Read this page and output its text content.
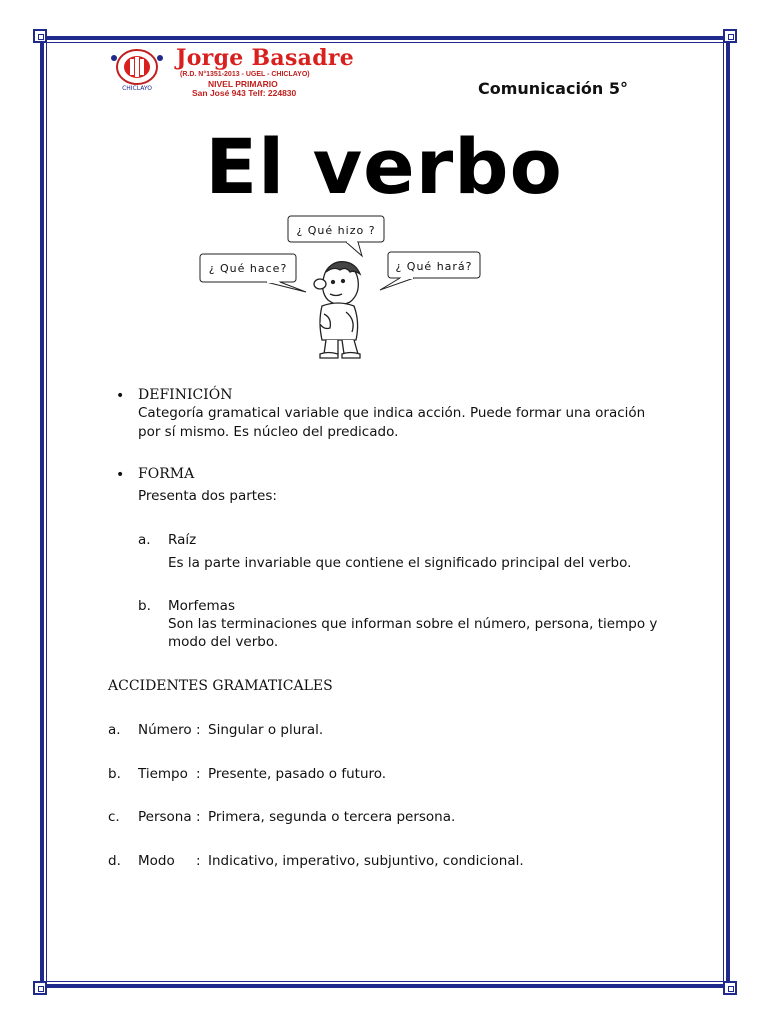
CHICLAYO
Jorge Basadre
(R.D. N°1351-2013 - UGEL - CHICLAYO)
NIVEL PRIMARIO
San José 943 Telf: 224830	Comunicación 5°
El verbo
¿ Qué hizo ?
¿ Qué hace?	¿ Qué hará?
• DEFINICIÓN
Categoría gramatical variable que indica acción. Puede formar una oración
por sí mismo. Es núcleo del predicado.
• FORMA
Presenta dos partes:
a. Raíz
Es la parte invariable que contiene el significado principal del verbo.
b. Morfemas
Son las terminaciones que informan sobre el número, persona, tiempo y
modo del verbo.
ACCIDENTES GRAMATICALES
a. Número : Singular o plural.
b. Tiempo : Presente, pasado o futuro.
c. Persona : Primera, segunda o tercera persona.
d. Modo : Indicativo, imperativo, subjuntivo, condicional.
